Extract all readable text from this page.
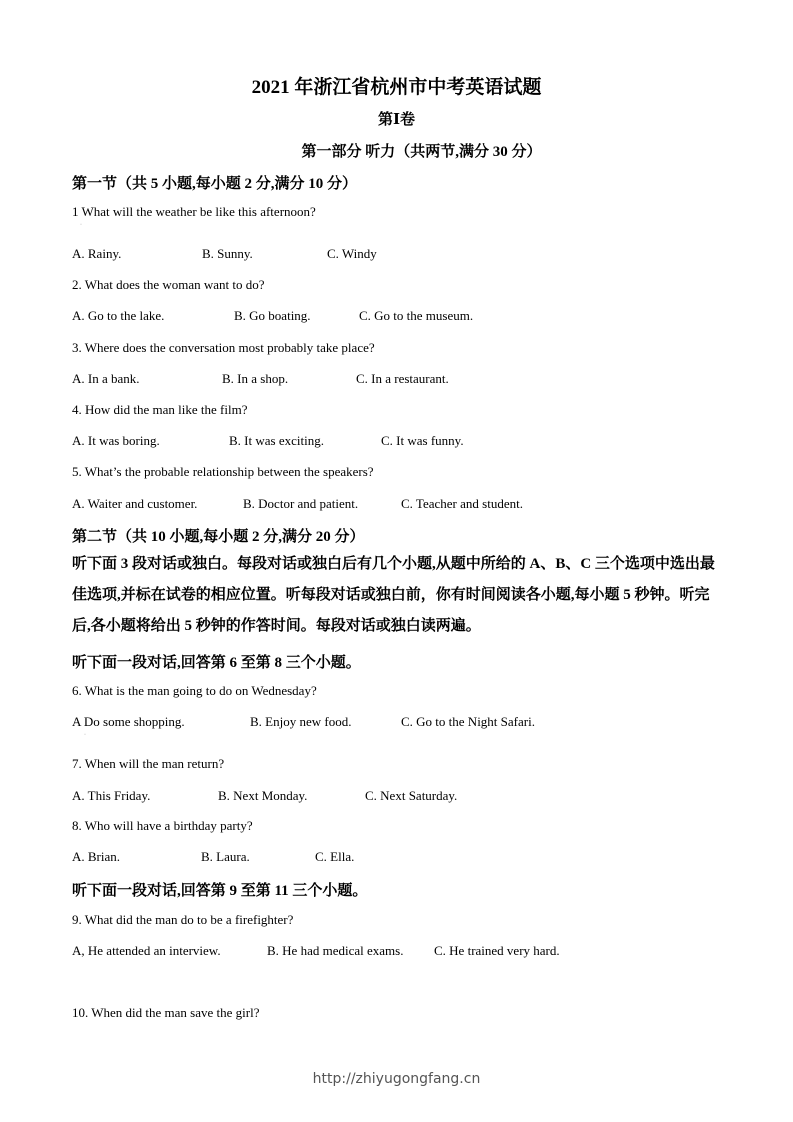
2021 年浙江省杭州市中考英语试题
第Ⅰ卷
第一部分 听力（共两节,满分 30 分）
第一节（共 5 小题,每小题 2 分,满分 10 分）
1 What will the weather be like this afternoon?
·
A. Rainy.	B. Sunny.	C. Windy
2. What does the woman want to do?
A. Go to the lake.	B. Go boating.	C. Go to the museum.
3. Where does the conversation most probably take place?
A. In a bank.	B. In a shop.	C. In a restaurant.
4. How did the man like the film?
A. It was boring.	B. It was exciting.	C. It was funny.
5. What’s the probable relationship between the speakers?
A. Waiter and customer.	B. Doctor and patient.	C. Teacher and student.
第二节（共 10 小题,每小题 2 分,满分 20 分）
听下面 3 段对话或独白。每段对话或独白后有几个小题,从题中所给的 A、B、C 三个选项中选出最佳选项,并标在试卷的相应位置。听每段对话或独白前，你有时间阅读各小题,每小题 5 秒钟。听完后,各小题将给出 5 秒钟的作答时间。每段对话或独白读两遍。
听下面一段对话,回答第 6 至第 8 三个小题。
6. What is the man going to do on Wednesday?
A Do some shopping.	B. Enjoy new food.	C. Go to the Night Safari.
·
7. When will the man return?
A. This Friday.	B. Next Monday.	C. Next Saturday.
8. Who will have a birthday party?
A. Brian.	B. Laura.	C. Ella.
听下面一段对话,回答第 9 至第 11 三个小题。
9. What did the man do to be a firefighter?
A, He attended an interview.	B. He had medical exams. C. He trained very hard.
10. When did the man save the girl?
http://zhiyugongfang.cn
